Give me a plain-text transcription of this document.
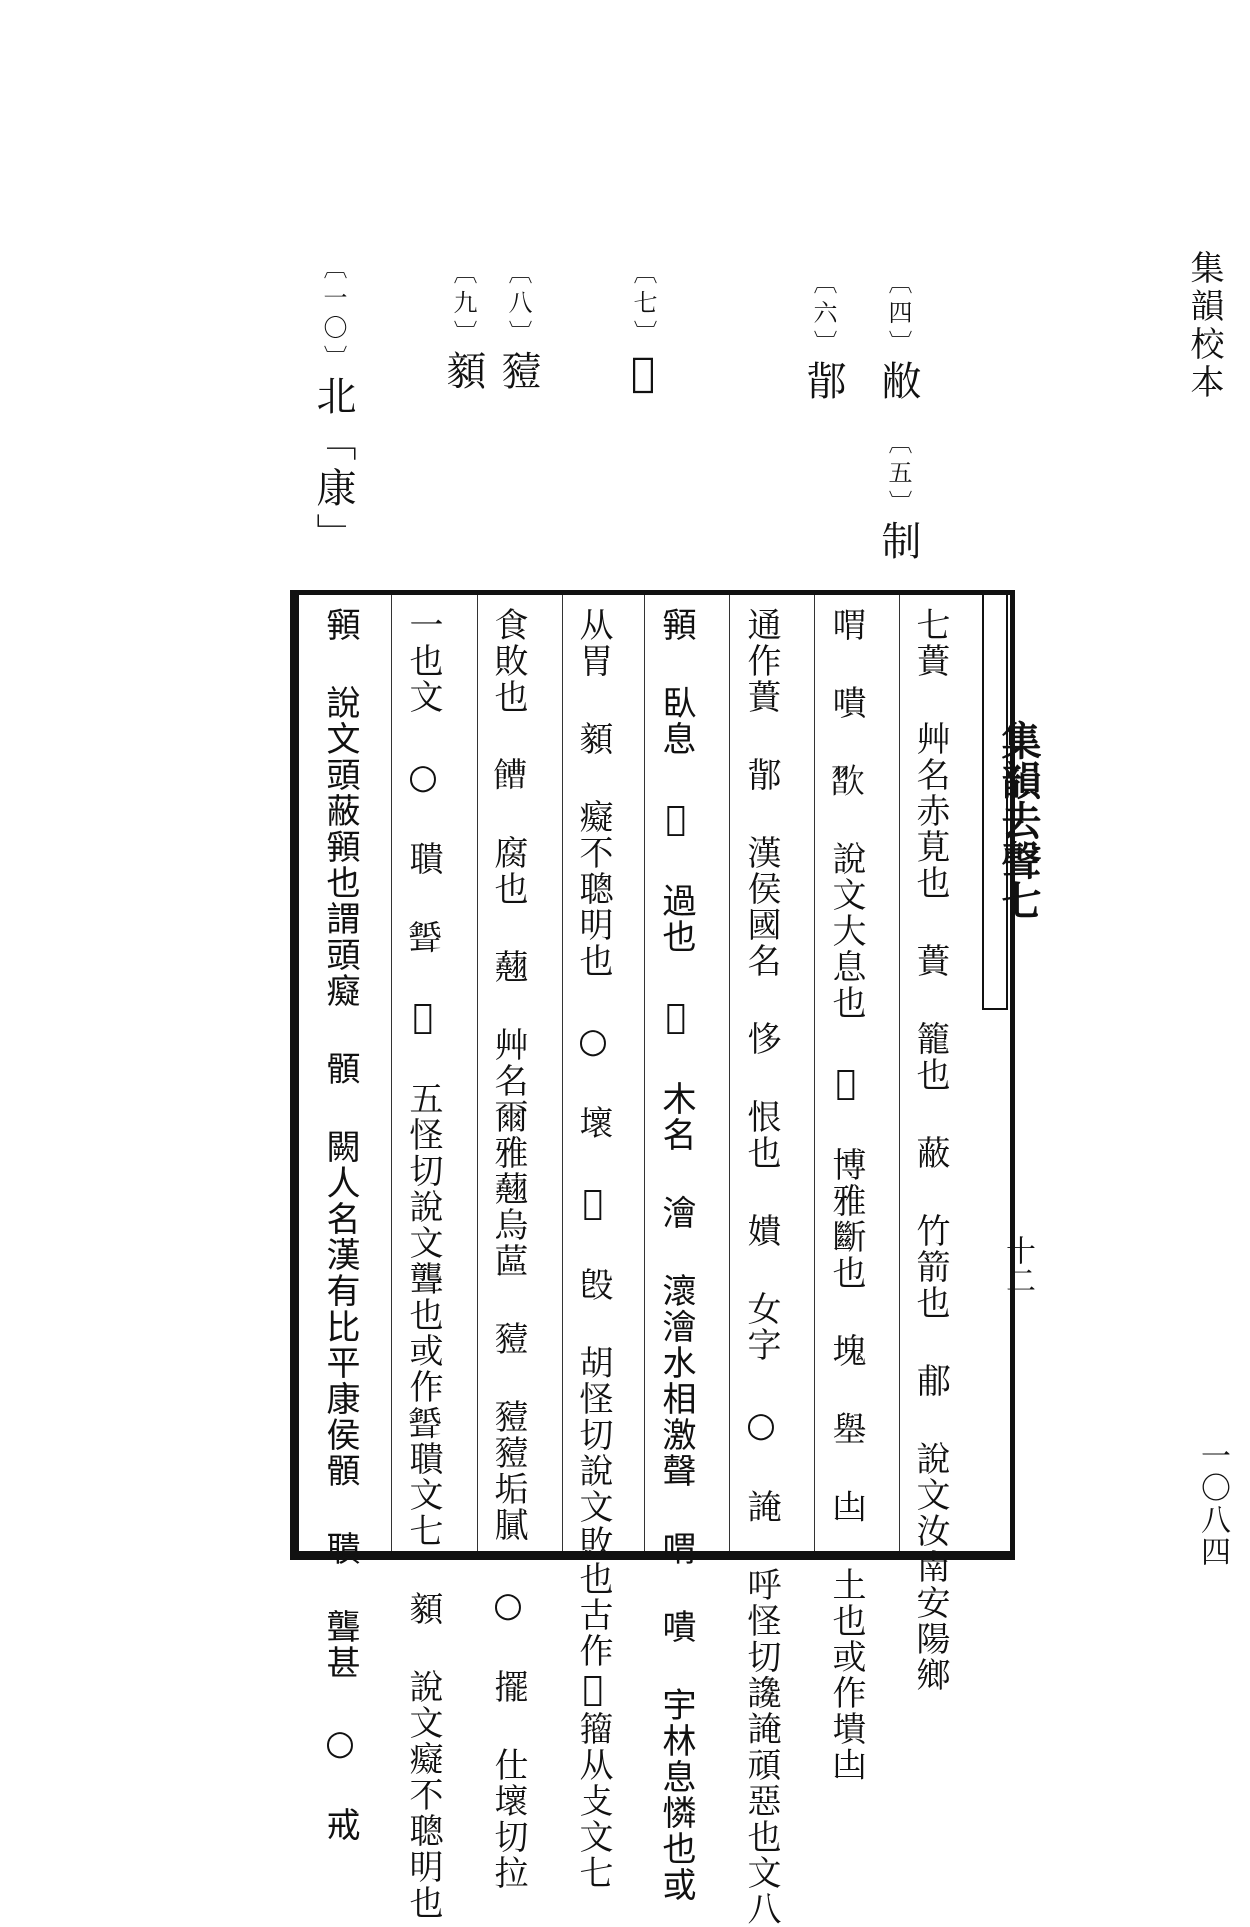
集韻校本
一〇八四
〔四〕敝
〔五〕制
〔六〕鄁
〔七〕𨇡
〔八〕豷
〔九〕顡
〔一〇〕北「康」
七蕢 艸名赤莧也 蕢 籠也 蔽 竹箭也 郙 說文汝南安陽鄉
喟 嘳 𣤊 說文大息也 𣢾 博雅斷也 塊 𡒊 凷 土也或作墤凷
通作蕢 鄁 漢侯國名 恀 恨也 嬇 女字 ○ 䛳 呼怪切䜛䛳頑惡也文八
𩓞 臥息 𩕚 過也 𥀸 木名 澮 瀤澮水相激聲 喟 嘳 宇林息憐也或
从胃 顡 癡不聰明也 ○ 壞 𨇡 𣪘 胡怪切說文敗也古作𨇡籀从攴文七
食敗也 𩞄 腐也 𧄍 艸名爾雅𧄍烏蓲 豷 豷豷垢膩 ○ 擺 仕壞切拉
一也文 ○ 聵 𦗦 𦖞 五怪切說文聾也或作𦗦聵文七 顡 說文癡不聰明也
𩓞 說文頭蔽𩓞也謂頭癡 顝 闕人名漢有比平康侯顝 聵 聾甚 ○ 戒	集韻去聲七
十二
